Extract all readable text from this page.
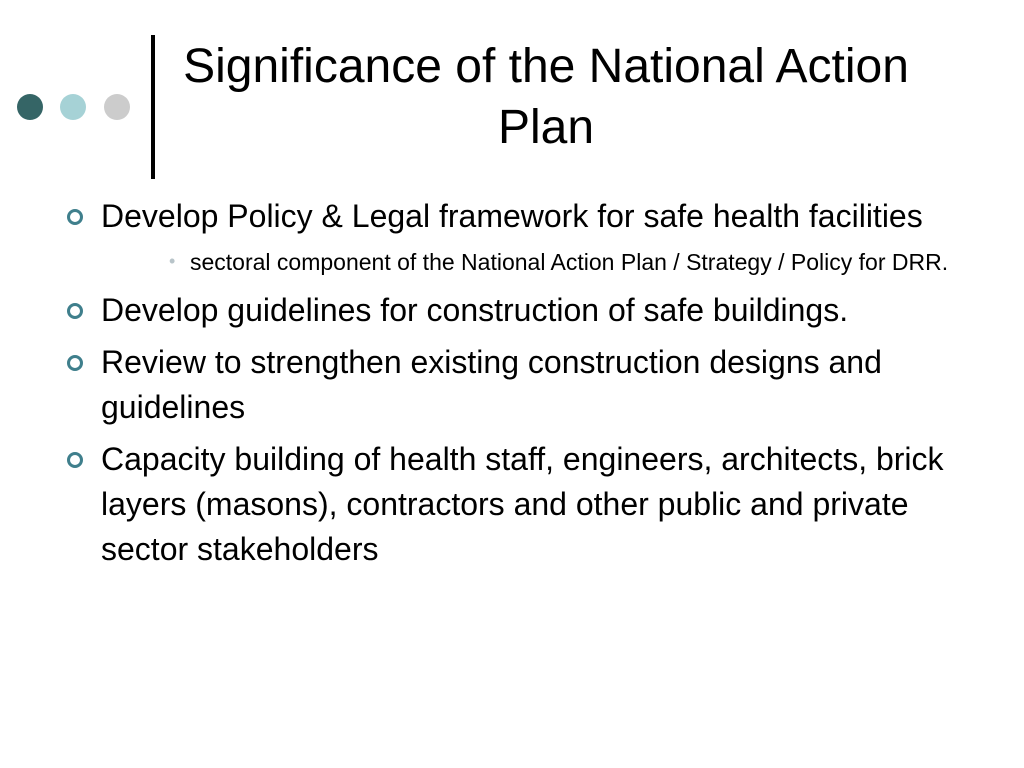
Significance of the National Action Plan
Develop Policy & Legal framework for safe health facilities
• sectoral component of the National Action Plan / Strategy / Policy for DRR.
Develop guidelines for construction of safe buildings.
Review to strengthen existing construction designs and guidelines
Capacity building of health staff, engineers, architects, brick layers (masons), contractors and other public and private sector stakeholders
